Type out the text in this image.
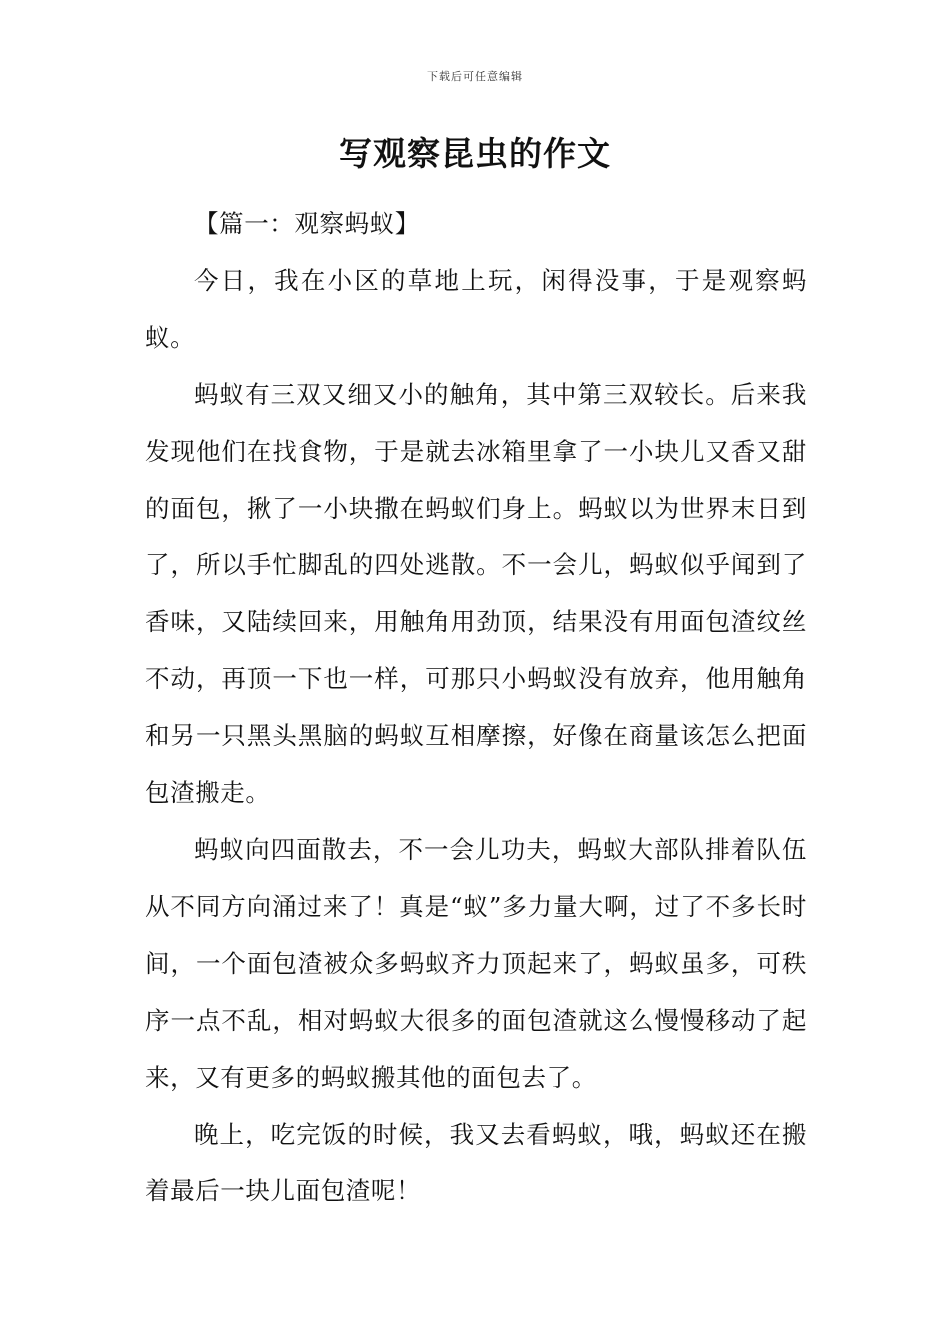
下载后可任意编辑
写观察昆虫的作文

【篇一：观察蚂蚁】

今日，我在小区的草地上玩，闲得没事，于是观察蚂蚁。

蚂蚁有三双又细又小的触角，其中第三双较长。后来我发现他们在找食物，于是就去冰箱里拿了一小块儿又香又甜的面包，揪了一小块撒在蚂蚁们身上。蚂蚁以为世界末日到了，所以手忙脚乱的四处逃散。不一会儿，蚂蚁似乎闻到了香味，又陆续回来，用触角用劲顶，结果没有用面包渣纹丝不动，再顶一下也一样，可那只小蚂蚁没有放弃，他用触角和另一只黑头黑脑的蚂蚁互相摩擦，好像在商量该怎么把面包渣搬走。

蚂蚁向四面散去，不一会儿功夫，蚂蚁大部队排着队伍从不同方向涌过来了！真是“蚁”多力量大啊，过了不多长时间，一个面包渣被众多蚂蚁齐力顶起来了，蚂蚁虽多，可秩序一点不乱，相对蚂蚁大很多的面包渣就这么慢慢移动了起来，又有更多的蚂蚁搬其他的面包去了。

晚上，吃完饭的时候，我又去看蚂蚁，哦，蚂蚁还在搬着最后一块儿面包渣呢！
